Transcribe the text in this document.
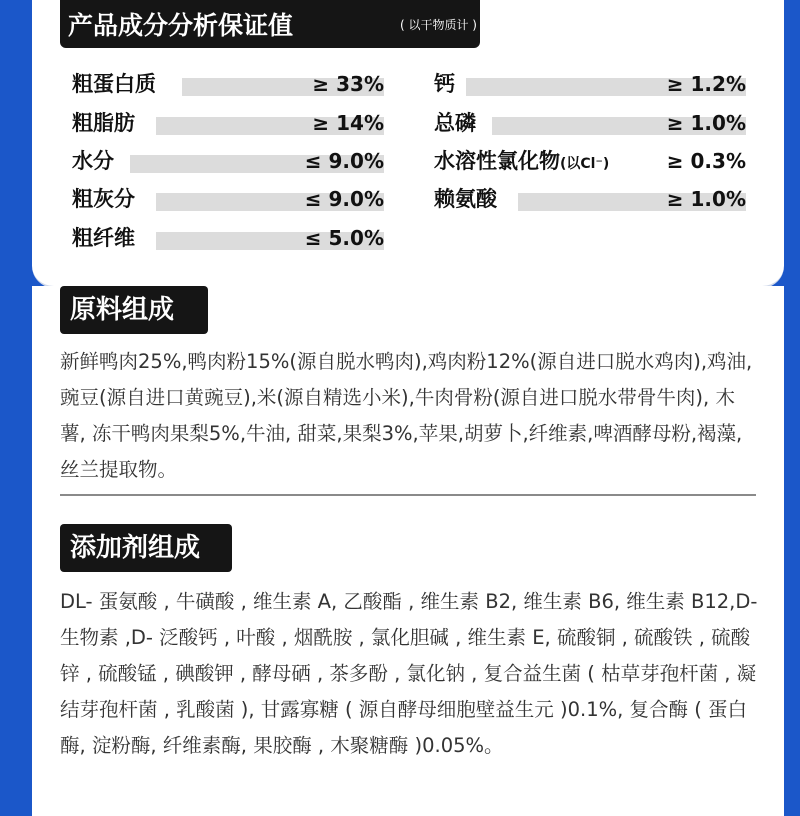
产品成分分析保证值	( 以干物质计 )
粗蛋白质	≥ 33%
粗脂肪	≥ 14%
水分	≤ 9.0%
粗灰分	≤ 9.0%
粗纤维	≤ 5.0%
钙	≥ 1.2%
总磷	≥ 1.0%
水溶性氯化物(以Cl⁻)	≥ 0.3%
赖氨酸	≥ 1.0%
原料组成
新鲜鸭肉25%,鸭肉粉15%(源自脱水鸭肉),鸡肉粉12%(源自进口脱水鸡肉),鸡油,豌豆(源自进口黄豌豆),米(源自精选小米),牛肉骨粉(源自进口脱水带骨牛肉), 木薯, 冻干鸭肉果梨5%,牛油, 甜菜,果梨3%,苹果,胡萝卜,纤维素,啤酒酵母粉,褐藻,丝兰提取物。
添加剂组成
DL- 蛋氨酸 , 牛磺酸 , 维生素 A, 乙酸酯 , 维生素 B2, 维生素 B6, 维生素 B12,D- 生物素 ,D- 泛酸钙 , 叶酸 , 烟酰胺 , 氯化胆碱 , 维生素 E, 硫酸铜 , 硫酸铁 , 硫酸锌 , 硫酸锰 , 碘酸钾 , 酵母硒 , 茶多酚 , 氯化钠 , 复合益生菌 ( 枯草芽孢杆菌 , 凝结芽孢杆菌 , 乳酸菌 ), 甘露寡糖 ( 源自酵母细胞壁益生元 )0.1%, 复合酶 ( 蛋白酶, 淀粉酶, 纤维素酶, 果胶酶 , 木聚糖酶 )0.05%。
